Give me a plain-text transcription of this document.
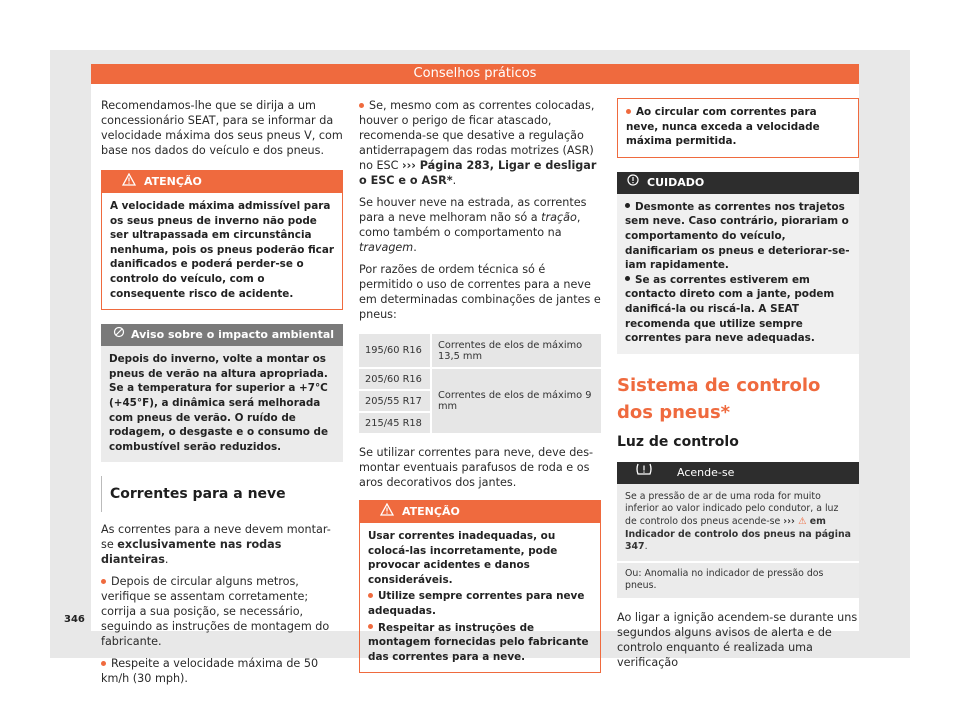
Conselhos práticos

Recomendamos-lhe que se dirija a um concessionário SEAT, para se informar da velocidade máxima dos seus pneus V, com base nos dados do veículo e dos pneus.

ATENÇÃO
A velocidade máxima admissível para os seus pneus de inverno não pode ser ultrapassada em circunstância nenhuma, pois os pneus poderão ficar danificados e poderá perder-se o controlo do veículo, com o consequente risco de acidente.
Aviso sobre o impacto ambiental
Depois do inverno, volte a montar os pneus de verão na altura apropriada. Se a temperatura for superior a +7°C (+45°F), a dinâmica será melhorada com pneus de verão. O ruído de rodagem, o desgaste e o consumo de combustível serão reduzidos.
Correntes para a neve

As correntes para a neve devem montar-se exclusivamente nas rodas dianteiras.

Depois de circular alguns metros, verifique se assentam corretamente; corrija a sua posição, se necessário, seguindo as instruções de montagem do fabricante.

Respeite a velocidade máxima de 50 km/h (30 mph).

Se, mesmo com as correntes colocadas, houver o perigo de ficar atascado, recomenda-se que desative a regulação antiderrapagem das rodas motrizes (ASR) no ESC ››› Página 283, Ligar e desligar o ESC e o ASR*.

Se houver neve na estrada, as correntes para a neve melhoram não só a tração, como também o comportamento na travagem.

Por razões de ordem técnica só é permitido o uso de correntes para a neve em determinadas combinações de jantes e pneus:

195/60 R16	Correntes de elos de máximo 13,5 mm
205/60 R16	Correntes de elos de máximo 9 mm
205/55 R17	
215/45 R18	

Se utilizar correntes para neve, deve desmontar eventuais parafusos de roda e os aros decorativos dos jantes.

ATENÇÃO
Usar correntes inadequadas, ou colocá-las incorretamente, pode provocar acidentes e danos consideráveis.
Utilize sempre correntes para neve adequadas.
Respeitar as instruções de montagem fornecidas pelo fabricante das correntes para a neve.
Ao circular com correntes para neve, nunca exceda a velocidade máxima permitida.
CUIDADO
Desmonte as correntes nos trajetos sem neve. Caso contrário, piorariam o comportamento do veículo, danificariam os pneus e deteriorar-se-iam rapidamente.
Se as correntes estiverem em contacto direto com a jante, podem danificá-la ou riscá-la. A SEAT recomenda que utilize sempre correntes para neve adequadas.
Sistema de controlo dos pneus*
Luz de controlo
Acende-se
Se a pressão de ar de uma roda for muito inferior ao valor indicado pelo condutor, a luz de controlo dos pneus acende-se ››› ⚠ em Indicador de controlo dos pneus na página 347.
Ou: Anomalia no indicador de pressão dos pneus.

Ao ligar a ignição acendem-se durante uns segundos alguns avisos de alerta e de controlo enquanto é realizada uma verificação

346
